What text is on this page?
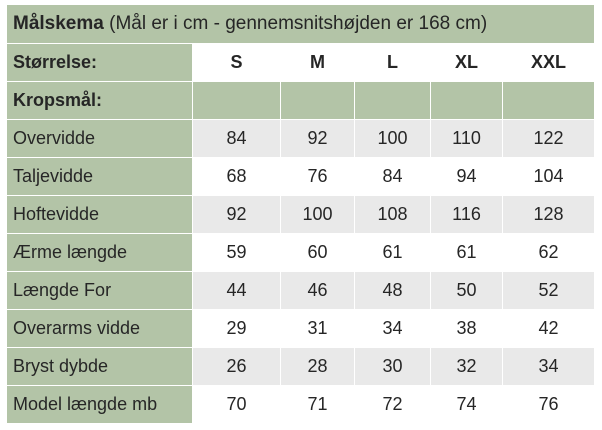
Målskema (Mål er i cm - gennemsnitshøjden er 168 cm)					
Størrelse:	S	M	L	XL	XXL
Kropsmål:					
Overvidde	84	92	100	110	122
Taljevidde	68	76	84	94	104
Hoftevidde	92	100	108	116	128
Ærme længde	59	60	61	61	62
Længde For	44	46	48	50	52
Overarms vidde	29	31	34	38	42
Bryst dybde	26	28	30	32	34
Model længde mb	70	71	72	74	76
